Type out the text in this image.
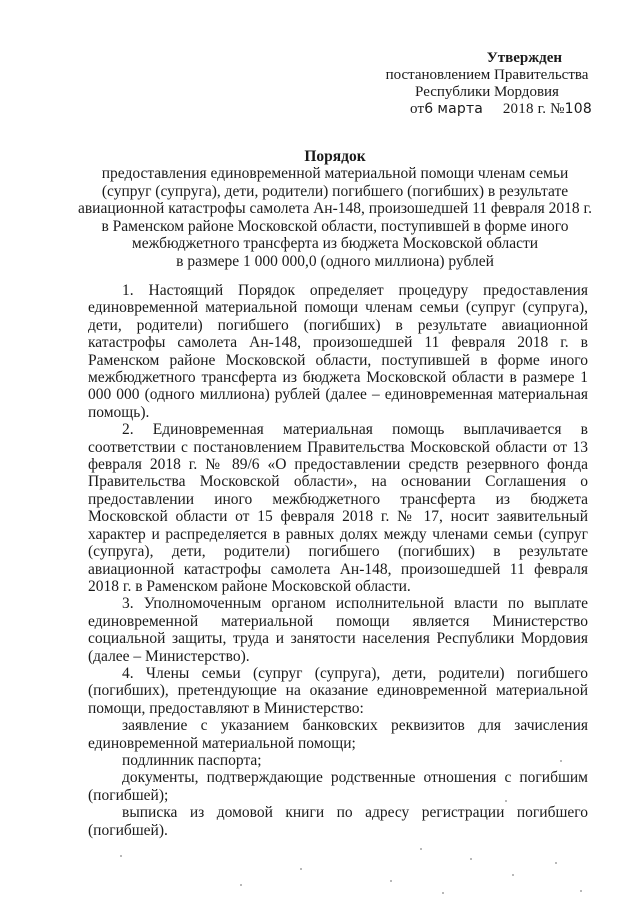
Утвержден
постановлением Правительства
Республики Мордовия
от6 марта 2018 г. №108
Порядок
предоставления единовременной материальной помощи членам семьи
(супруг (супруга), дети, родители) погибшего (погибших) в результате
авиационной катастрофы самолета Ан-148, произошедшей 11 февраля 2018 г.
в Раменском районе Московской области, поступившей в форме иного
межбюджетного трансферта из бюджета Московской области
в размере 1 000 000,0 (одного миллиона) рублей

1. Настоящий Порядок определяет процедуру предоставления единовременной материальной помощи членам семьи (супруг (супруга), дети, родители) погибшего (погибших) в результате авиационной катастрофы самолета Ан-148, произошедшей 11 февраля 2018 г. в Раменском районе Московской области, поступившей в форме иного межбюджетного трансферта из бюджета Московской области в размере 1 000 000 (одного миллиона) рублей (далее – единовременная материальная помощь).

2. Единовременная материальная помощь выплачивается в соответствии с постановлением Правительства Московской области от 13 февраля 2018 г. № 89/6 «О предоставлении средств резервного фонда Правительства Московской области», на основании Соглашения о предоставлении иного межбюджетного трансферта из бюджета Московской области от 15 февраля 2018 г. № 17, носит заявительный характер и распределяется в равных долях между членами семьи (супруг (супруга), дети, родители) погибшего (погибших) в результате авиационной катастрофы самолета Ан-148, произошедшей 11 февраля 2018 г. в Раменском районе Московской области.

3. Уполномоченным органом исполнительной власти по выплате единовременной материальной помощи является Министерство социальной защиты, труда и занятости населения Республики Мордовия (далее – Министерство).

4. Члены семьи (супруг (супруга), дети, родители) погибшего (погибших), претендующие на оказание единовременной материальной помощи, предоставляют в Министерство:

заявление с указанием банковских реквизитов для зачисления единовременной материальной помощи;

подлинник паспорта;

документы, подтверждающие родственные отношения с погибшим (погибшей);

выписка из домовой книги по адресу регистрации погибшего (погибшей).
